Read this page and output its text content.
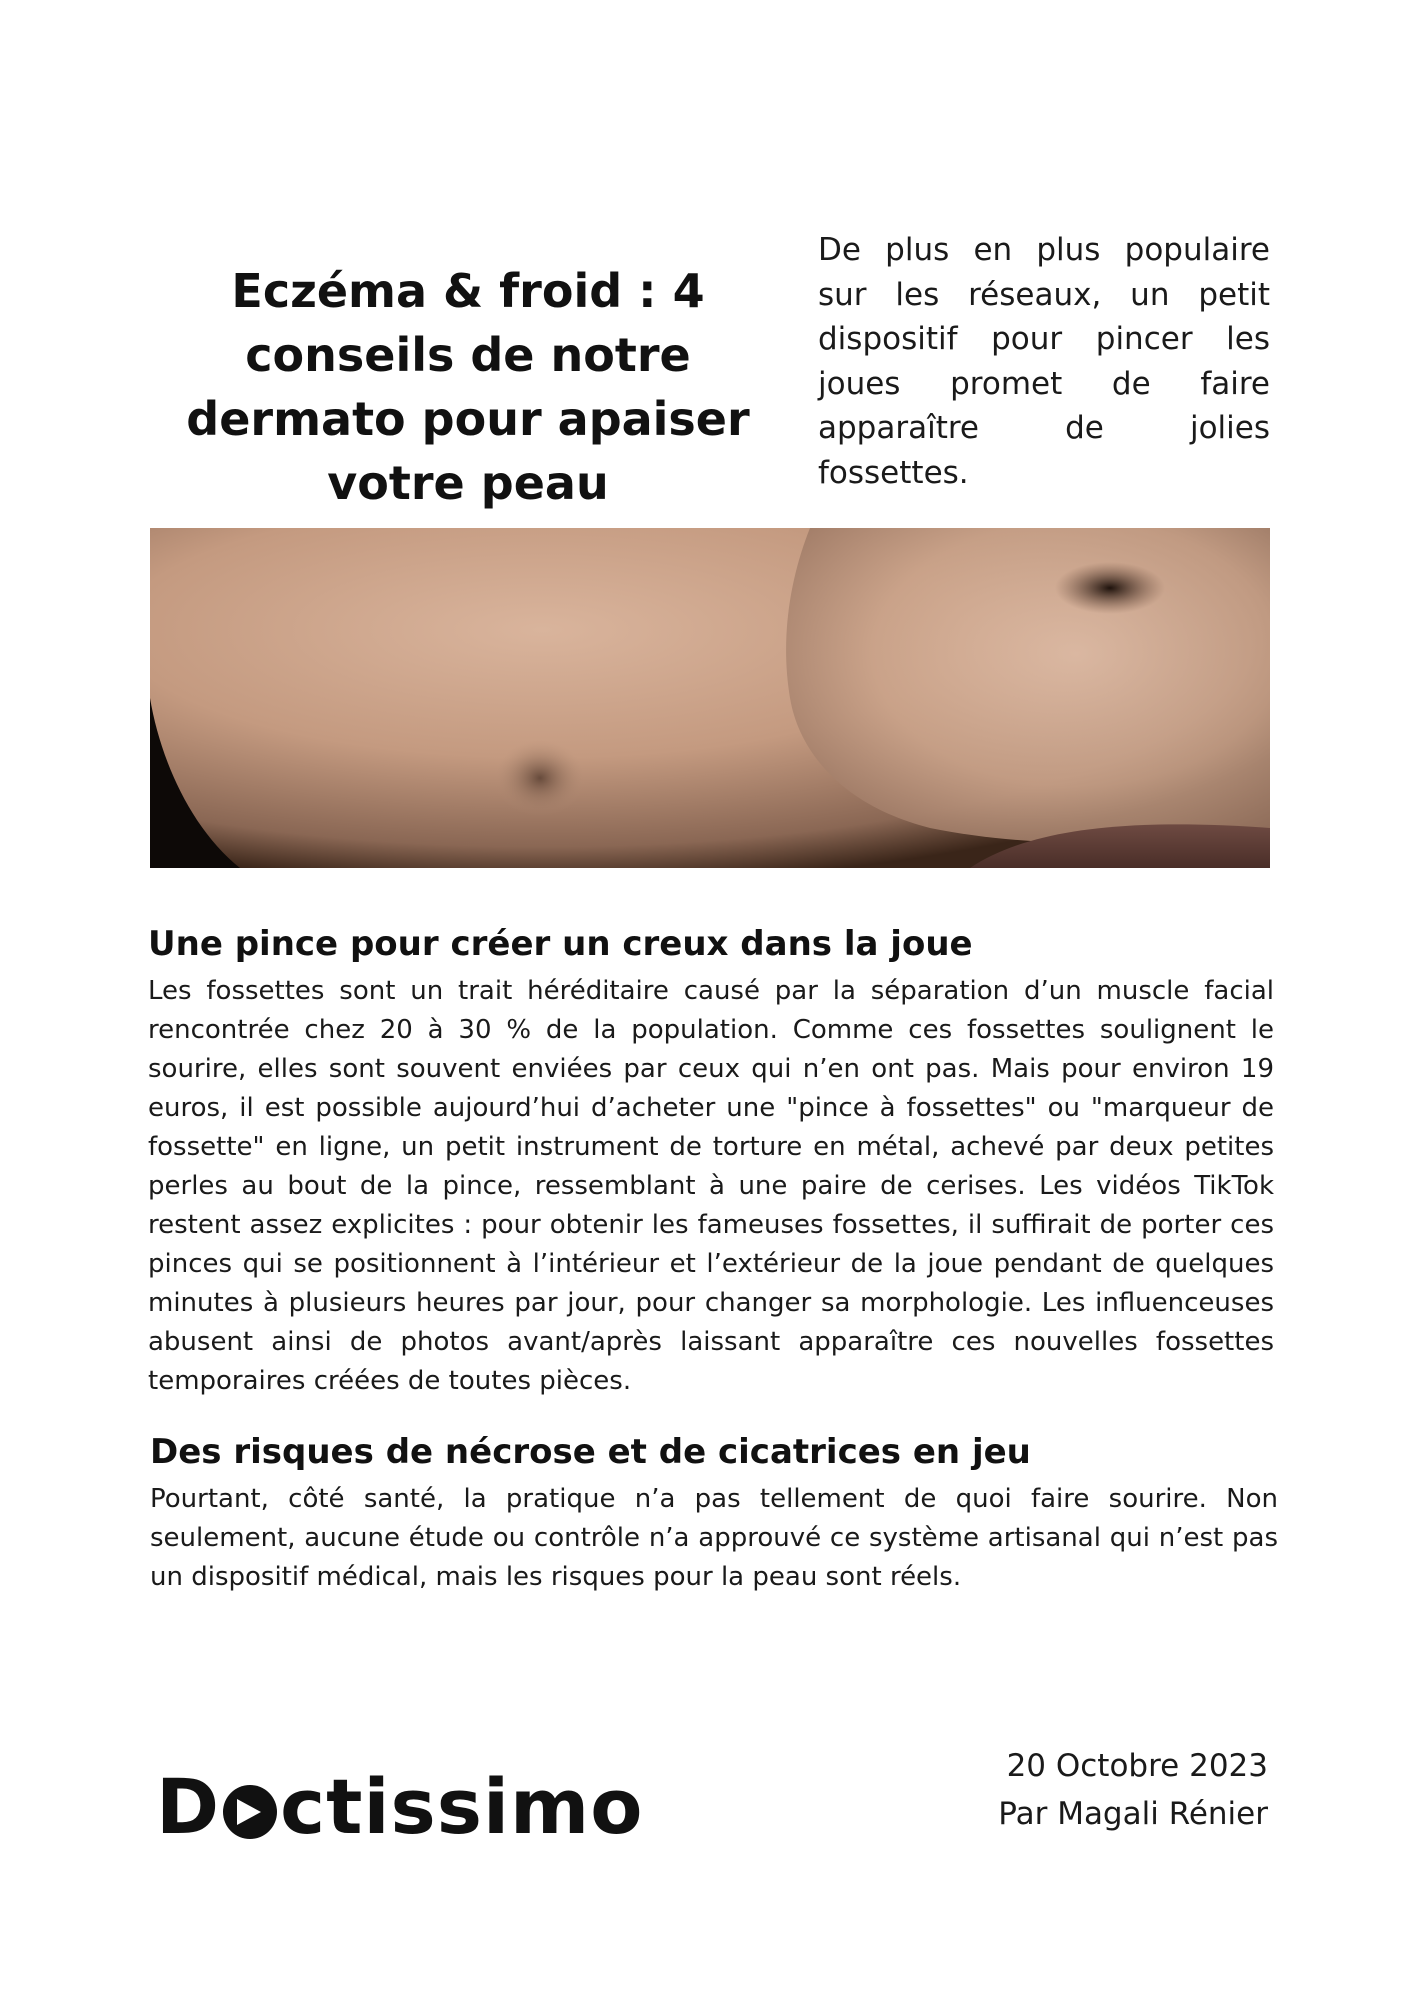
Eczéma & froid : 4 conseils de notre dermato pour apaiser votre peau

De plus en plus populaire sur les réseaux, un petit dispositif pour pincer les joues promet de faire apparaître de jolies fossettes.

Une pince pour créer un creux dans la joue

Les fossettes sont un trait héréditaire causé par la séparation d’un muscle facial rencontrée chez 20 à 30 % de la population. Comme ces fossettes soulignent le sourire, elles sont souvent enviées par ceux qui n’en ont pas. Mais pour environ 19 euros, il est possible aujourd’hui d’acheter une "pince à fossettes" ou "marqueur de fossette" en ligne, un petit instrument de torture en métal, achevé par deux petites perles au bout de la pince, ressemblant à une paire de cerises. Les vidéos TikTok restent assez explicites : pour obtenir les fameuses fossettes, il suffirait de porter ces pinces qui se positionnent à l’intérieur et l’extérieur de la joue pendant de quelques minutes à plusieurs heures par jour, pour changer sa morphologie. Les influenceuses abusent ainsi de photos avant/après laissant apparaître ces nouvelles fossettes temporaires créées de toutes pièces.

Des risques de nécrose et de cicatrices en jeu

Pourtant, côté santé, la pratique n’a pas tellement de quoi faire sourire. Non seulement, aucune étude ou contrôle n’a approuvé ce système artisanal qui n’est pas un dispositif médical, mais les risques pour la peau sont réels.

D ctissimo	20 Octobre 2023
Par Magali Rénier
